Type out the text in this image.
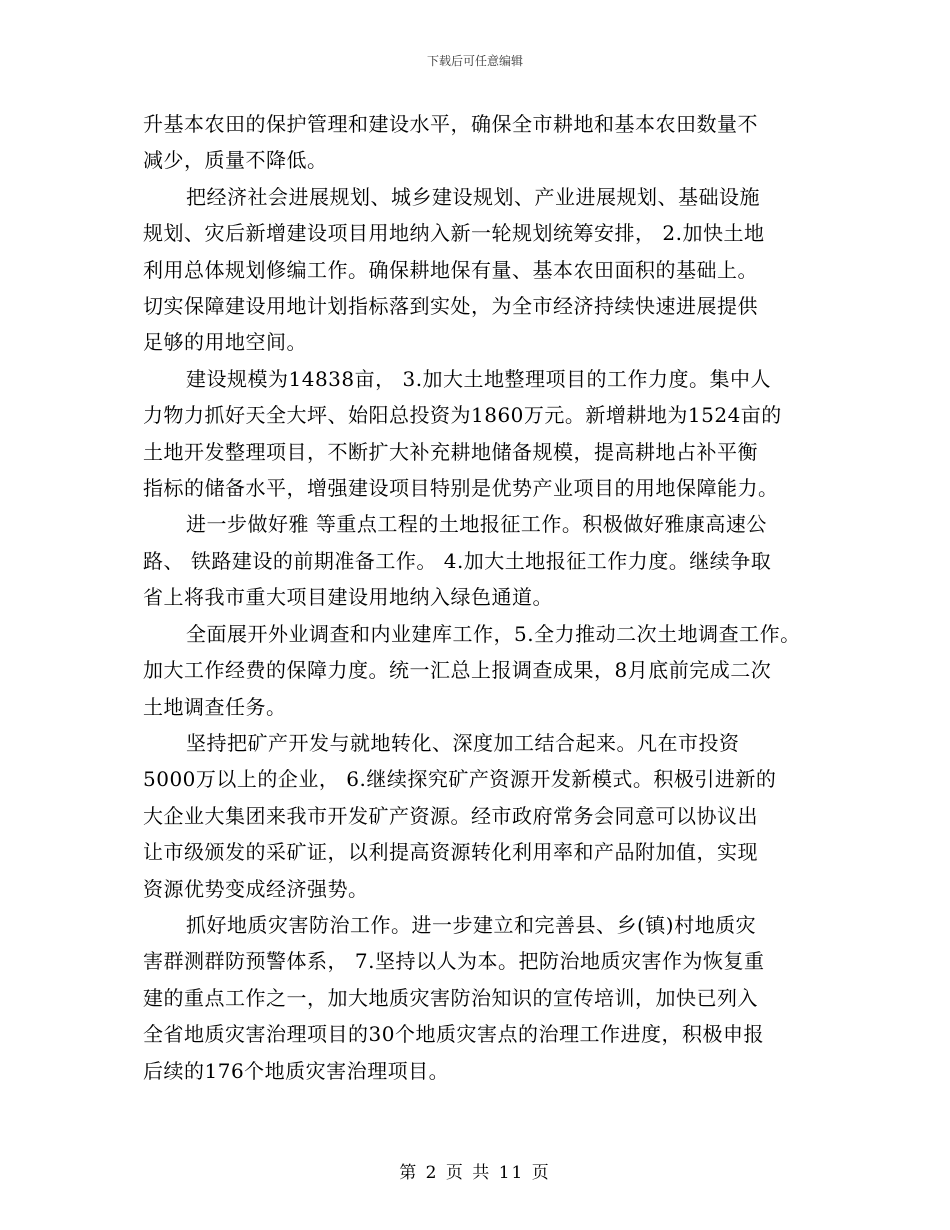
下载后可任意编辑
升基本农田的保护管理和建设水平，确保全市耕地和基本农田数量不
减少，质量不降低。
把经济社会进展规划、城乡建设规划、产业进展规划、基础设施
规划、灾后新增建设项目用地纳入新一轮规划统筹安排， 2.加快土地
利用总体规划修编工作。确保耕地保有量、基本农田面积的基础上。
切实保障建设用地计划指标落到实处，为全市经济持续快速进展提供
足够的用地空间。
建设规模为14838亩， 3.加大土地整理项目的工作力度。集中人
力物力抓好天全大坪、始阳总投资为1860万元。新增耕地为1524亩的
土地开发整理项目，不断扩大补充耕地储备规模，提高耕地占补平衡
指标的储备水平，增强建设项目特别是优势产业项目的用地保障能力。
进一步做好雅 等重点工程的土地报征工作。积极做好雅康高速公
路、 铁路建设的前期准备工作。 4.加大土地报征工作力度。继续争取
省上将我市重大项目建设用地纳入绿色通道。
全面展开外业调查和内业建库工作，5.全力推动二次土地调查工作。
加大工作经费的保障力度。统一汇总上报调查成果，8月底前完成二次
土地调查任务。
坚持把矿产开发与就地转化、深度加工结合起来。凡在市投资
5000万以上的企业， 6.继续探究矿产资源开发新模式。积极引进新的
大企业大集团来我市开发矿产资源。经市政府常务会同意可以协议出
让市级颁发的采矿证，以利提高资源转化利用率和产品附加值，实现
资源优势变成经济强势。
抓好地质灾害防治工作。进一步建立和完善县、乡(镇)村地质灾
害群测群防预警体系， 7.坚持以人为本。把防治地质灾害作为恢复重
建的重点工作之一，加大地质灾害防治知识的宣传培训，加快已列入
全省地质灾害治理项目的30个地质灾害点的治理工作进度，积极申报
后续的176个地质灾害治理项目。
第 2 页 共 11 页
